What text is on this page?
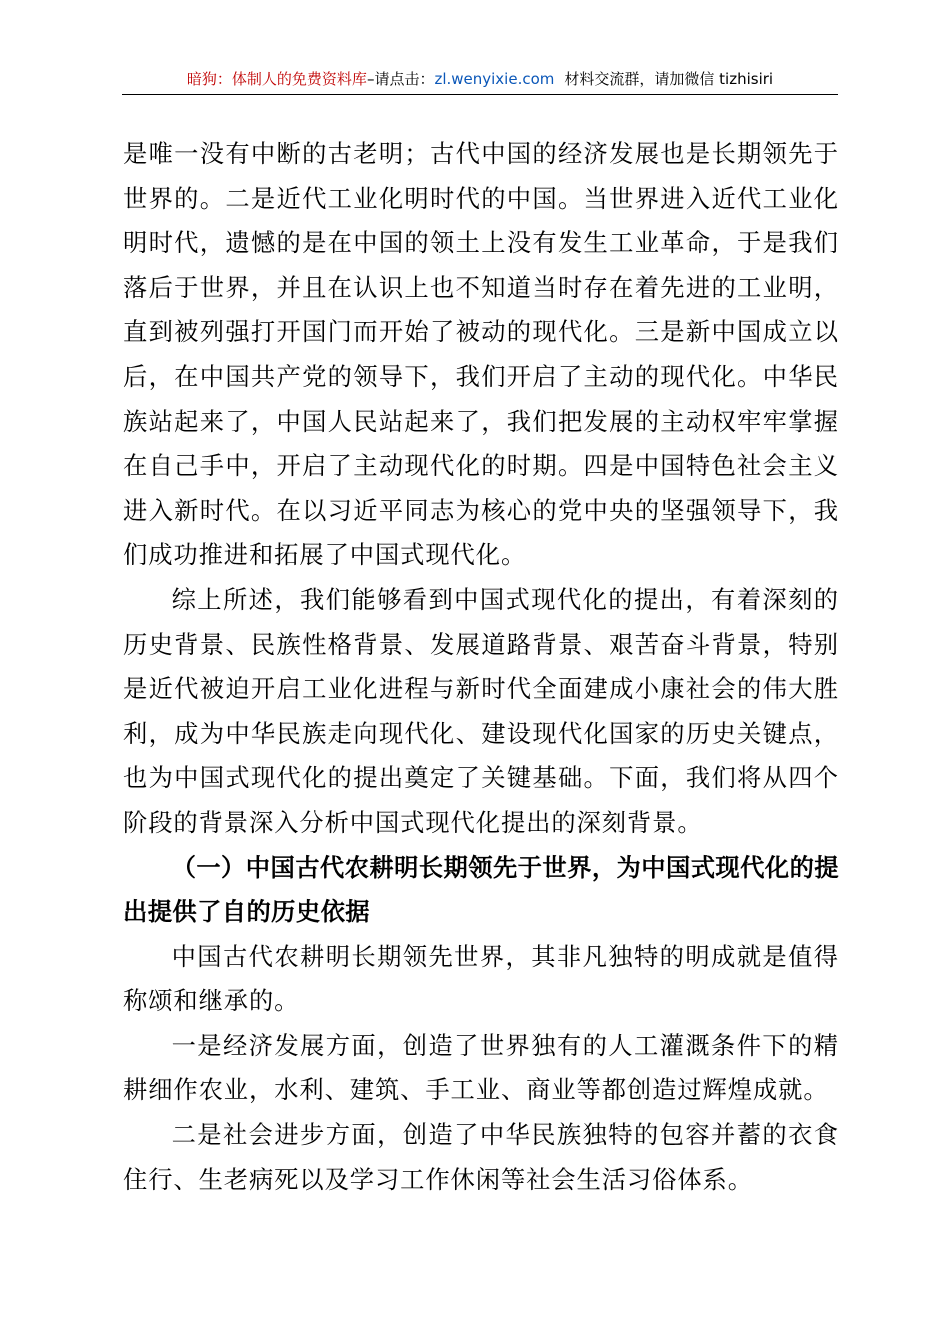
暗狗：体制人的免费资料库–请点击：zl.wenyixie.com 材料交流群，请加微信 tizhisiri

是唯一没有中断的古老明；古代中国的经济发展也是长期领先于世界的。二是近代工业化明时代的中国。当世界进入近代工业化明时代，遗憾的是在中国的领土上没有发生工业革命，于是我们落后于世界，并且在认识上也不知道当时存在着先进的工业明，直到被列强打开国门而开始了被动的现代化。三是新中国成立以后，在中国共产党的领导下，我们开启了主动的现代化。中华民族站起来了，中国人民站起来了，我们把发展的主动权牢牢掌握在自己手中，开启了主动现代化的时期。四是中国特色社会主义进入新时代。在以习近平同志为核心的党中央的坚强领导下，我们成功推进和拓展了中国式现代化。

综上所述，我们能够看到中国式现代化的提出，有着深刻的历史背景、民族性格背景、发展道路背景、艰苦奋斗背景，特别是近代被迫开启工业化进程与新时代全面建成小康社会的伟大胜利，成为中华民族走向现代化、建设现代化国家的历史关键点，也为中国式现代化的提出奠定了关键基础。下面，我们将从四个阶段的背景深入分析中国式现代化提出的深刻背景。

（一）中国古代农耕明长期领先于世界，为中国式现代化的提出提供了自的历史依据

中国古代农耕明长期领先世界，其非凡独特的明成就是值得称颂和继承的。

一是经济发展方面，创造了世界独有的人工灌溉条件下的精耕细作农业，水利、建筑、手工业、商业等都创造过辉煌成就。

二是社会进步方面，创造了中华民族独特的包容并蓄的衣食住行、生老病死以及学习工作休闲等社会生活习俗体系。
